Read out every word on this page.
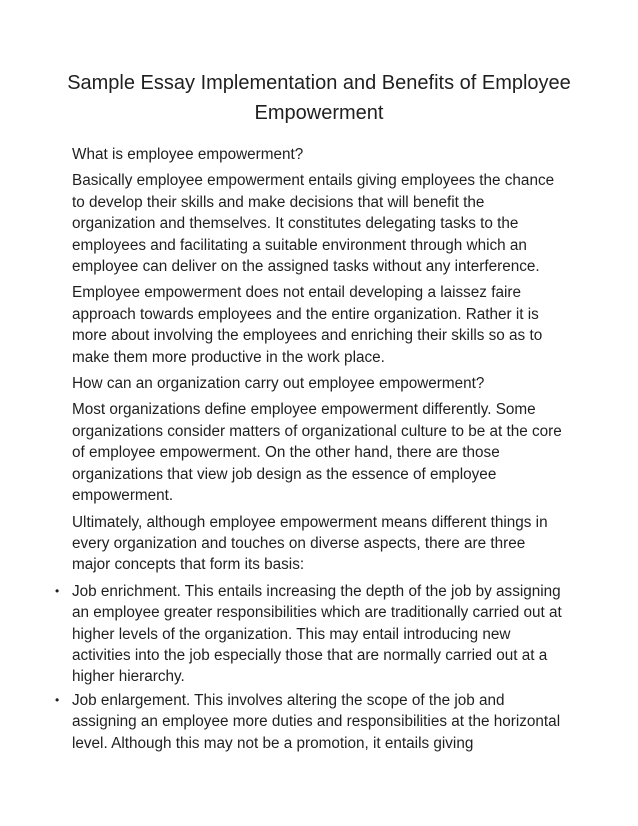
Sample Essay Implementation and Benefits of Employee Empowerment

What is employee empowerment?

Basically employee empowerment entails giving employees the chance to develop their skills and make decisions that will benefit the organization and themselves. It constitutes delegating tasks to the employees and facilitating a suitable environment through which an employee can deliver on the assigned tasks without any interference.

Employee empowerment does not entail developing a laissez faire approach towards employees and the entire organization. Rather it is more about involving the employees and enriching their skills so as to make them more productive in the work place.

How can an organization carry out employee empowerment?

Most organizations define employee empowerment differently. Some organizations consider matters of organizational culture to be at the core of employee empowerment. On the other hand, there are those organizations that view job design as the essence of employee empowerment.

Ultimately, although employee empowerment means different things in every organization and touches on diverse aspects, there are three major concepts that form its basis:

• Job enrichment. This entails increasing the depth of the job by assigning an employee greater responsibilities which are traditionally carried out at higher levels of the organization. This may entail introducing new activities into the job especially those that are normally carried out at a higher hierarchy.
• Job enlargement. This involves altering the scope of the job and assigning an employee more duties and responsibilities at the horizontal level. Although this may not be a promotion, it entails giving
